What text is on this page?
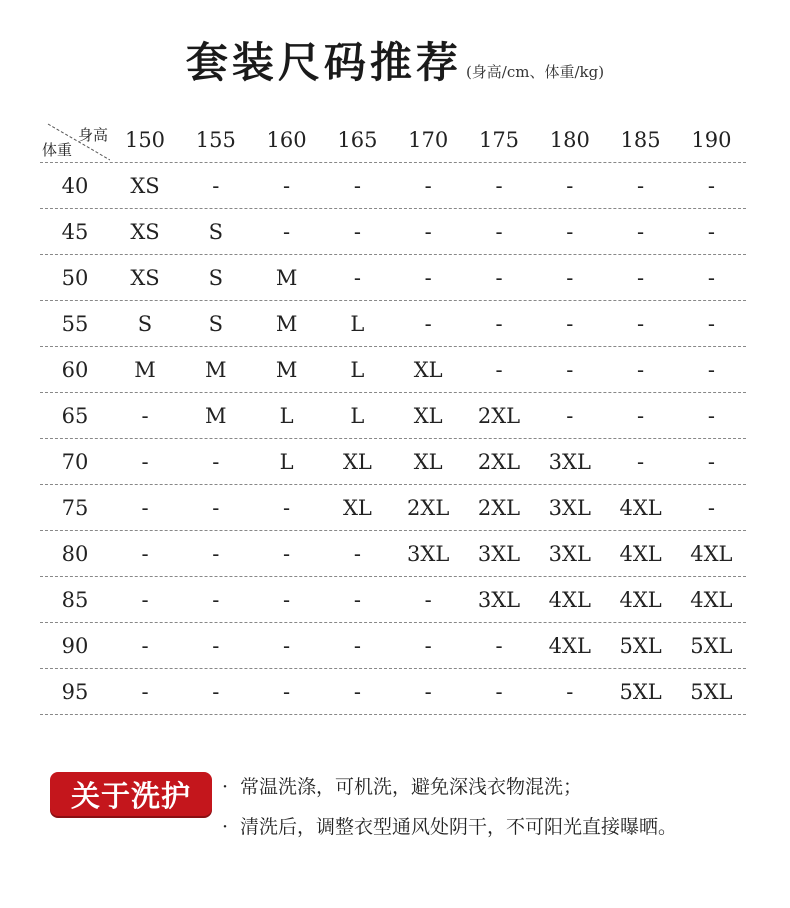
套装尺码推荐 (身高/cm、体重/kg)
身高
体重	150	155	160	165	170	175	180	185	190
40	XS	-	-	-	-	-	-	-	-
45	XS	S	-	-	-	-	-	-	-
50	XS	S	M	-	-	-	-	-	-
55	S	S	M	L	-	-	-	-	-
60	M	M	M	L	XL	-	-	-	-
65	-	M	L	L	XL	2XL	-	-	-
70	-	-	L	XL	XL	2XL	3XL	-	-
75	-	-	-	XL	2XL	2XL	3XL	4XL	-
80	-	-	-	-	3XL	3XL	3XL	4XL	4XL
85	-	-	-	-	-	3XL	4XL	4XL	4XL
90	-	-	-	-	-	-	4XL	5XL	5XL
95	-	-	-	-	-	-	-	5XL	5XL
关于洗护	· 常温洗涤，可机洗，避免深浅衣物混洗；
· 清洗后，调整衣型通风处阴干，不可阳光直接曝晒。
